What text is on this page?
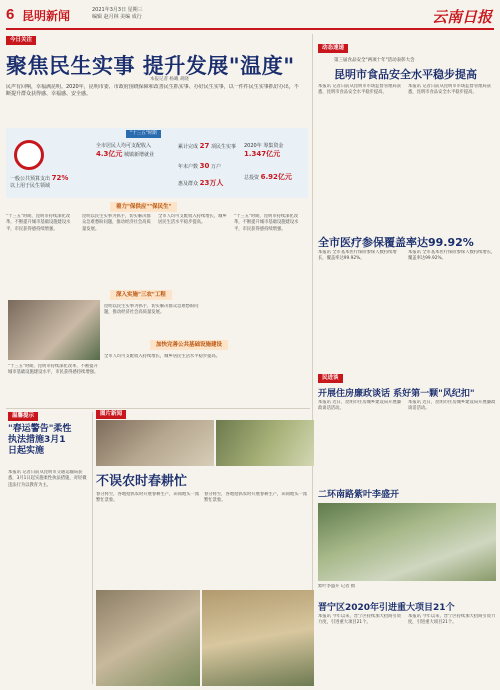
6 昆明新闻	2021年3月3日 星期三
编辑 赵月林 美编 成行	云南日报
今日关注
聚焦民生实事 提升发展"温度"
本报记者 杨曦 胡晓
民声有回响，幸福满昆明。2020年，昆明市委、市政府围绕保障和改善民生抓实事、办好民生实事，以一件件民生实事抓好办出，不断提升群众获得感、幸福感、安全感。
"十三五"时期
一般公共预算支出 72%
以上用于民生领域
全市居民人均可支配收入
4.3亿元 城镇新增就业
累计完成 27 项民生实事
年末户数 30 万户
惠及群众 23万人
2020年 筹集资金
1.347亿元
总投资 6.92亿元
着力"保供应""保民生"
"十三五"时期，昆明市持续深化改革，不断提升城市基础设施建设水平，市民获得感持续增强。
昆明以民生实事为抓手，切实解决群众急难愁盼问题，推动经济社会高质量发展。
全市人均可支配收入持续增长，城乡居民生活水平稳步提高。
"十三五"时期，昆明市持续深化改革，不断提升城市基础设施建设水平，市民获得感持续增强。
深入实施"三农"工程
昆明以民生实事为抓手，切实解决群众急难愁盼问题，推动经济社会高质量发展。
加快完善公共基础设施建设
全市人均可支配收入持续增长，城乡居民生活水平稳步提高。
"十三五"时期，昆明市持续深化改革，不断提升城市基础设施建设水平，市民获得感持续增强。
动态速递
第三届食品安全"两项十年"活动表彰大会
昆明市食品安全水平稳步提高
本报讯 记者日前从昆明市市场监督管理局获悉，昆明市食品安全水平稳步提高。
本报讯 记者日前从昆明市市场监督管理局获悉，昆明市食品安全水平稳步提高。
全市医疗参保覆盖率达99.92%
本报讯 全市基本医疗保险参保人数持续增长，覆盖率达99.92%。
本报讯 全市基本医疗保险参保人数持续增长，覆盖率达99.92%。
民进谈
开展住房廉政谈话 系好第一颗"风纪扣"
本报讯 近日，昆明市住房城乡建设局开展廉政谈话活动。
本报讯 近日，昆明市住房城乡建设局开展廉政谈话活动。
二环南路紫叶李盛开
紫叶李盛开 记者 摄
晋宁区2020年引进重大项目21个
本报讯 今年以来，晋宁区持续加大招商引资力度，引进重大项目21个。
本报讯 今年以来，晋宁区持续加大招商引资力度，引进重大项目21个。
温馨提示
"春运警告"柔性执法措施3月1日起实施
本报讯 记者日前从昆明市交通运输局获悉，3月1日起实施柔性执法措施，对轻微违法行为以教育为主。
图片新闻
不误农时春耕忙
春分将至，各地抢抓农时开展春耕生产，田间地头一派繁忙景象。
春分将至，各地抢抓农时开展春耕生产，田间地头一派繁忙景象。
